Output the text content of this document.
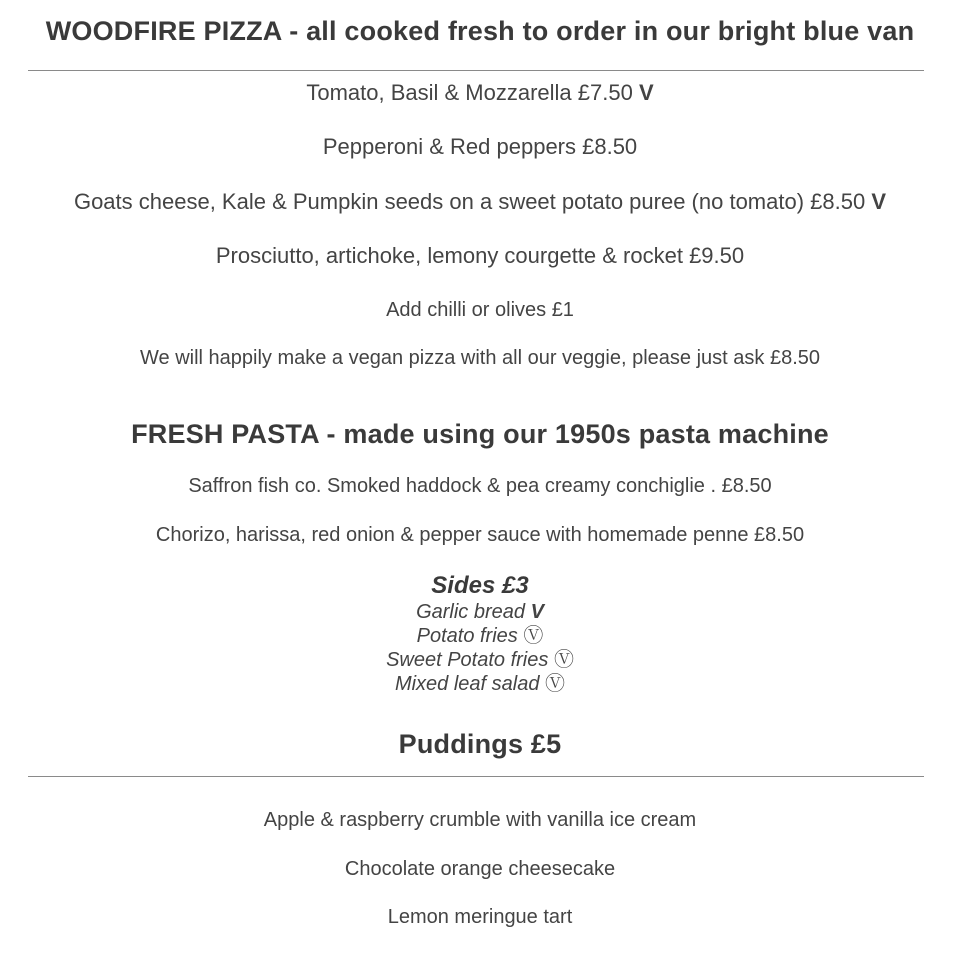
WOODFIRE PIZZA - all cooked fresh to order in our bright blue van
Tomato, Basil & Mozzarella £7.50 V
Pepperoni & Red peppers £8.50
Goats cheese, Kale & Pumpkin seeds on a sweet potato puree (no tomato) £8.50 V
Prosciutto, artichoke, lemony courgette & rocket £9.50
Add chilli or olives £1
We will happily make a vegan pizza with all our veggie, please just ask £8.50
FRESH PASTA - made using our 1950s pasta machine
Saffron fish co. Smoked haddock & pea creamy conchiglie . £8.50
Chorizo, harissa, red onion & pepper sauce with homemade penne £8.50
Sides £3
Garlic bread V
Potato fries Ⓥ
Sweet Potato fries Ⓥ
Mixed leaf salad Ⓥ
Puddings £5
Apple & raspberry crumble with vanilla ice cream
Chocolate orange cheesecake
Lemon meringue tart
